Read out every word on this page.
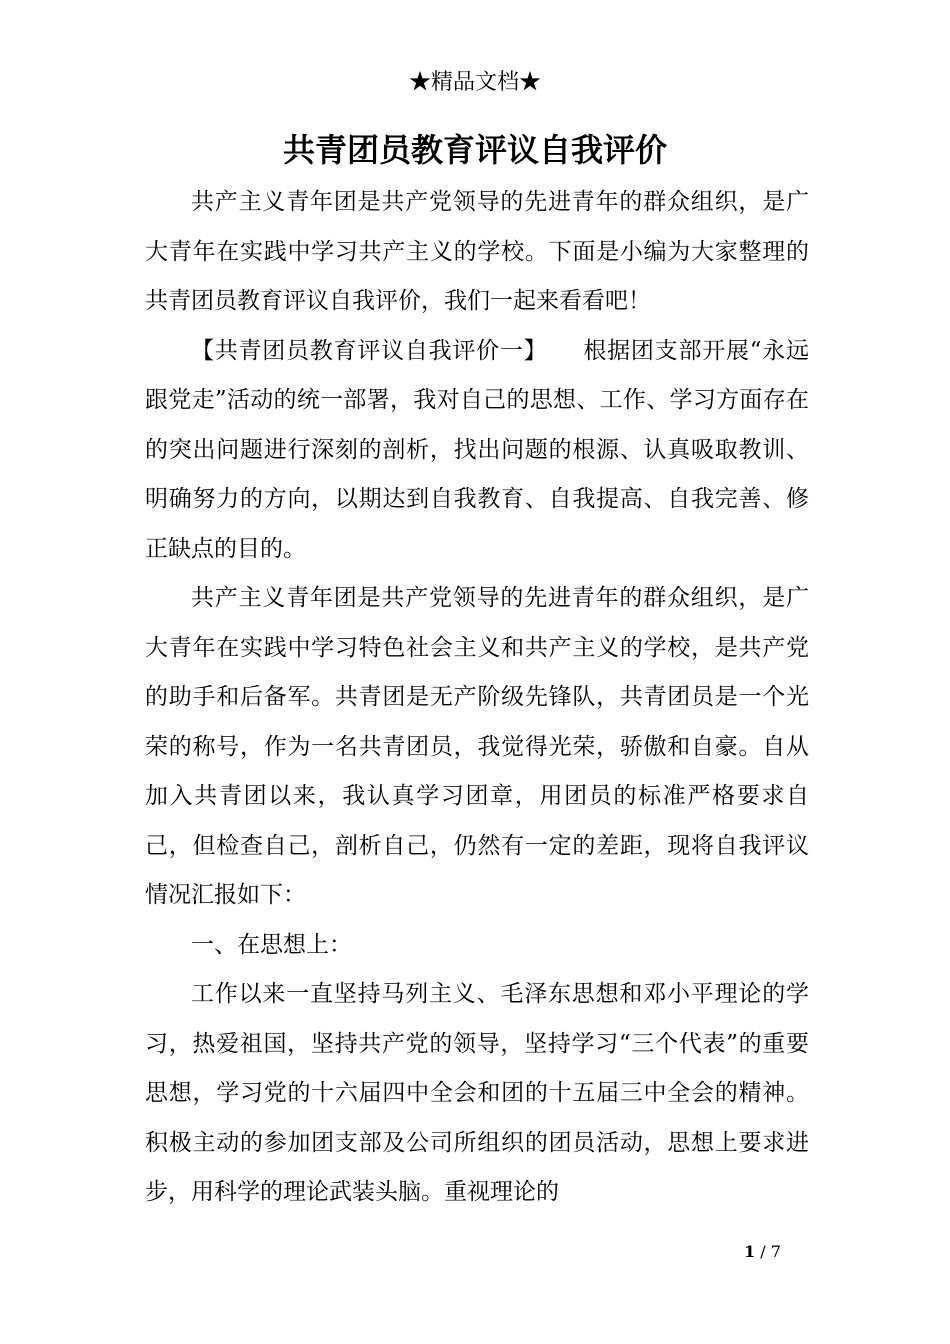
★精品文档★
共青团员教育评议自我评价

共产主义青年团是共产党领导的先进青年的群众组织，是广大青年在实践中学习共产主义的学校。下面是小编为大家整理的共青团员教育评议自我评价，我们一起来看看吧！

【共青团员教育评议自我评价一】　　根据团支部开展“永远跟党走”活动的统一部署，我对自己的思想、工作、学习方面存在的突出问题进行深刻的剖析，找出问题的根源、认真吸取教训、明确努力的方向，以期达到自我教育、自我提高、自我完善、修正缺点的目的。

共产主义青年团是共产党领导的先进青年的群众组织，是广大青年在实践中学习特色社会主义和共产主义的学校，是共产党的助手和后备军。共青团是无产阶级先锋队，共青团员是一个光荣的称号，作为一名共青团员，我觉得光荣，骄傲和自豪。自从加入共青团以来，我认真学习团章，用团员的标准严格要求自己，但检查自己，剖析自己，仍然有一定的差距，现将自我评议情况汇报如下：

一、在思想上：

工作以来一直坚持马列主义、毛泽东思想和邓小平理论的学习，热爱祖国，坚持共产党的领导，坚持学习“三个代表”的重要思想，学习党的十六届四中全会和团的十五届三中全会的精神。积极主动的参加团支部及公司所组织的团员活动，思想上要求进步，用科学的理论武装头脑。重视理论的

1 / 7
